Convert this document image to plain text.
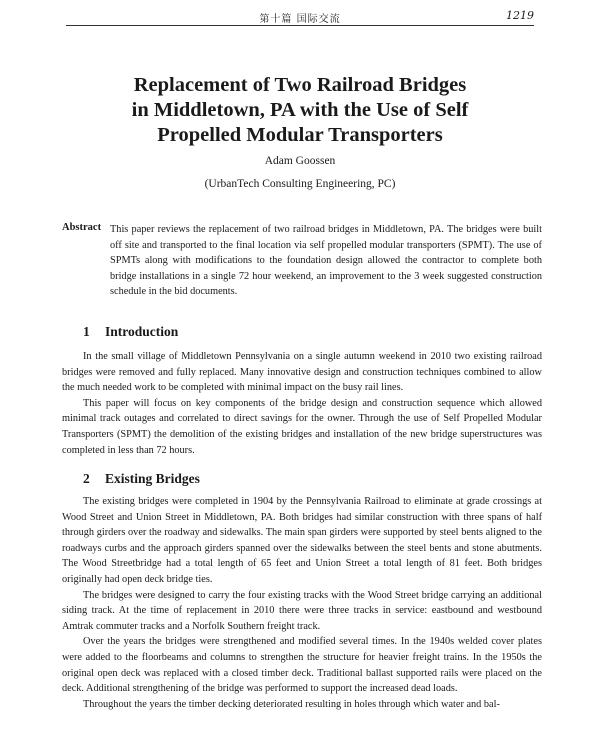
第十篇 国际交流	1219
Replacement of Two Railroad Bridges
in Middletown, PA with the Use of Self
Propelled Modular Transporters
Adam Goossen
(UrbanTech Consulting Engineering, PC)
Abstract This paper reviews the replacement of two railroad bridges in Middletown, PA. The bridges were built off site and transported to the final location via self propelled modular transporters (SPMT). The use of SPMTs along with modifications to the foundation design allowed the contractor to complete both bridge installations in a single 72 hour weekend, an improvement to the 3 week suggested construction schedule in the bid documents.
1 Introduction

In the small village of Middletown Pennsylvania on a single autumn weekend in 2010 two existing railroad bridges were removed and fully replaced. Many innovative design and construction techniques combined to allow the much needed work to be completed with minimal impact on the busy rail lines.

This paper will focus on key components of the bridge design and construction sequence which allowed minimal track outages and correlated to direct savings for the owner. Through the use of Self Propelled Modular Transporters (SPMT) the demolition of the existing bridges and installation of the new bridge superstructures was completed in less than 72 hours.

2 Existing Bridges

The existing bridges were completed in 1904 by the Pennsylvania Railroad to eliminate at grade crossings at Wood Street and Union Street in Middletown, PA. Both bridges had similar construction with three spans of half through girders over the roadway and sidewalks. The main span girders were supported by steel bents aligned to the roadways curbs and the approach girders spanned over the sidewalks between the steel bents and stone abutments. The Wood Streetbridge had a total length of 65 feet and Union Street a total length of 81 feet. Both bridges originally had open deck bridge ties.

The bridges were designed to carry the four existing tracks with the Wood Street bridge carrying an additional siding track. At the time of replacement in 2010 there were three tracks in service: eastbound and westbound Amtrak commuter tracks and a Norfolk Southern freight track.

Over the years the bridges were strengthened and modified several times. In the 1940s welded cover plates were added to the floorbeams and columns to strengthen the structure for heavier freight trains. In the 1950s the original open deck was replaced with a closed timber deck. Traditional ballast supported rails were placed on the deck. Additional strengthening of the bridge was performed to support the increased dead loads.

Throughout the years the timber decking deteriorated resulting in holes through which water and bal-
